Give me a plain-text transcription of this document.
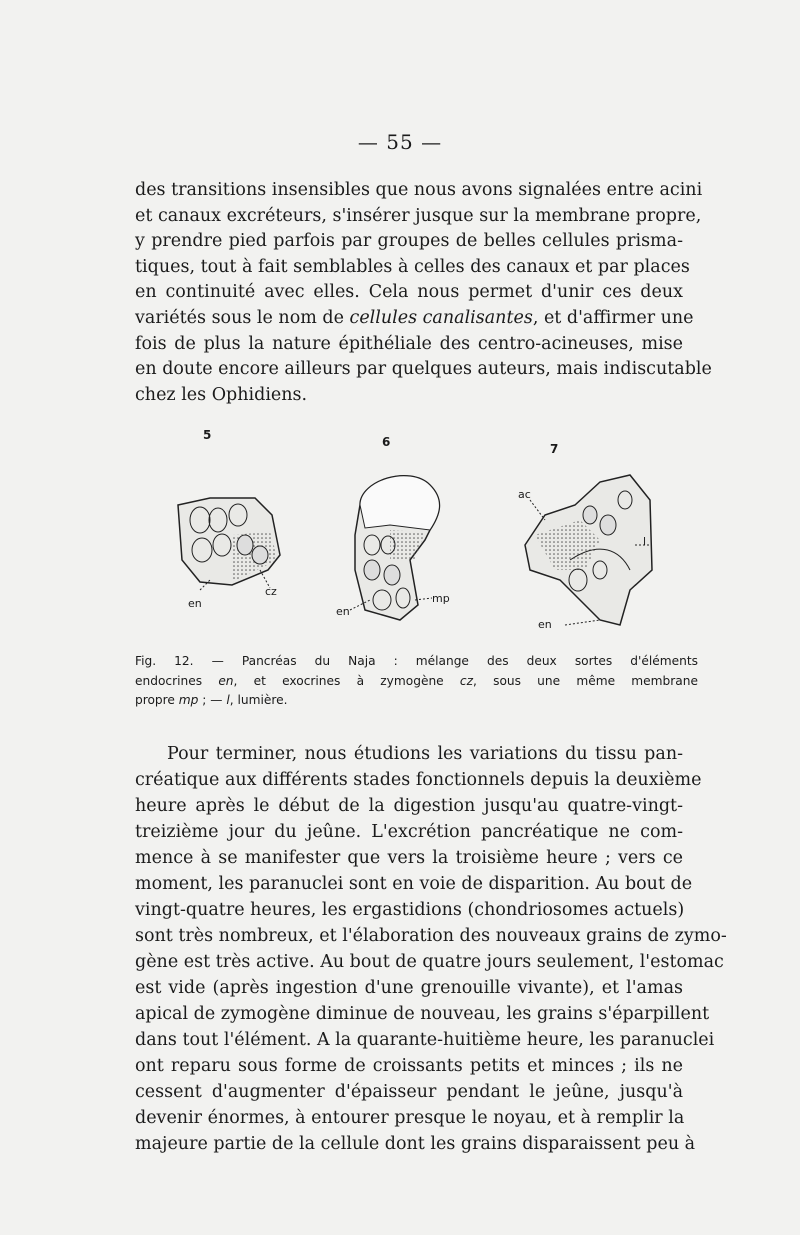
— 55 —
des transitions insensibles que nous avons signalées entre acini
et canaux excréteurs, s'insérer jusque sur la membrane propre,
y prendre pied parfois par groupes de belles cellules prisma-
tiques, tout à fait semblables à celles des canaux et par places
en continuité avec elles. Cela nous permet d'unir ces deux
variétés sous le nom de cellules canalisantes, et d'affirmer une
fois de plus la nature épithéliale des centro-acineuses, mise
en doute encore ailleurs par quelques auteurs, mais indiscutable
chez les Ophidiens.
5	6	7
en
cz
en
mp
ac
l
en
Fig. 12. — Pancréas du Naja : mélange des deux sortes d'éléments
endocrines en, et exocrines à zymogène cz, sous une même membrane
propre mp ; — l, lumière.
Pour terminer, nous étudions les variations du tissu pan-
créatique aux différents stades fonctionnels depuis la deuxième
heure après le début de la digestion jusqu'au quatre-vingt-
treizième jour du jeûne. L'excrétion pancréatique ne com-
mence à se manifester que vers la troisième heure ; vers ce
moment, les paranuclei sont en voie de disparition. Au bout de
vingt-quatre heures, les ergastidions (chondriosomes actuels)
sont très nombreux, et l'élaboration des nouveaux grains de zymo-
gène est très active. Au bout de quatre jours seulement, l'estomac
est vide (après ingestion d'une grenouille vivante), et l'amas
apical de zymogène diminue de nouveau, les grains s'éparpillent
dans tout l'élément. A la quarante-huitième heure, les paranuclei
ont reparu sous forme de croissants petits et minces ; ils ne
cessent d'augmenter d'épaisseur pendant le jeûne, jusqu'à
devenir énormes, à entourer presque le noyau, et à remplir la
majeure partie de la cellule dont les grains disparaissent peu à
